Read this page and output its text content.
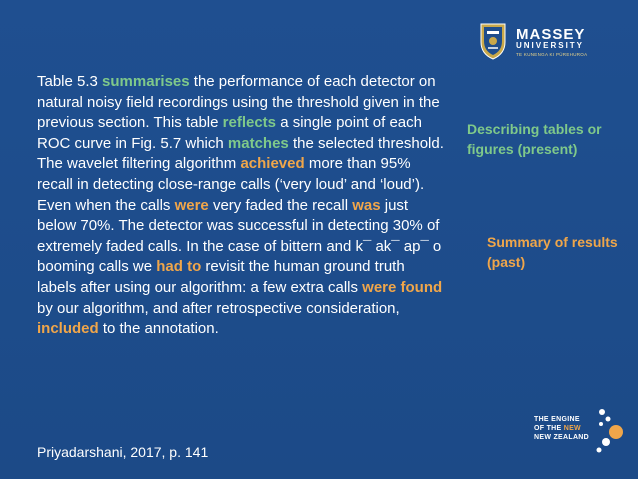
MASSEY
UNIVERSITY
TE KUNENGA KI PŪREHUROA
Table 5.3 summarises the performance of each detector on natural noisy field recordings using the threshold given in the previous section. This table reflects a single point of each ROC curve in Fig. 5.7 which matches the selected threshold. The wavelet filtering algorithm achieved more than 95% recall in detecting close-range calls (‘very loud’ and ‘loud’). Even when the calls were very faded the recall was just below 70%. The detector was successful in detecting 30% of extremely faded calls. In the case of bittern and k¯ ak¯ ap¯ o booming calls we had to revisit the human ground truth labels after using our algorithm: a few extra calls were found by our algorithm, and after retrospective consideration, included to the annotation.
Describing tables or figures (present)
Summary of results (past)
Priyadarshani, 2017, p. 141
THE ENGINE
OF THE NEW
NEW ZEALAND
